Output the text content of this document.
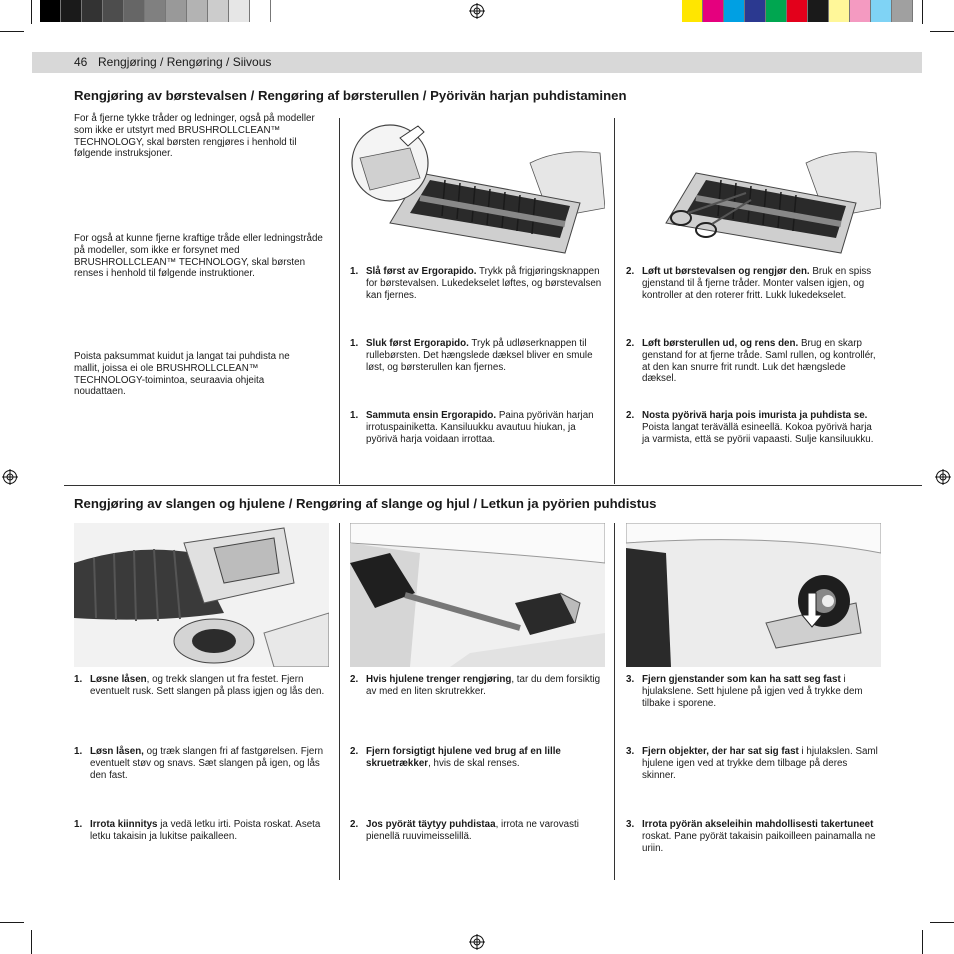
46 Rengjøring / Rengøring / Siivous
Rengjøring av børstevalsen / Rengøring af børsterullen / Pyörivän harjan puhdistaminen
For å fjerne tykke tråder og ledninger, også på modeller som ikke er utstyrt med BRUSHROLLCLEAN™ TECHNOLOGY, skal børsten rengjøres i henhold til følgende instruksjoner.
For også at kunne fjerne kraftige tråde eller ledningstråde på modeller, som ikke er forsynet med BRUSHROLLCLEAN™ TECHNOLOGY, skal børsten renses i henhold til følgende instruktioner.
Poista paksummat kuidut ja langat tai puhdista ne mallit, joissa ei ole BRUSHROLLCLEAN™ TECHNOLOGY-toimintoa, seuraavia ohjeita noudattaen.
1. Slå først av Ergorapido. Trykk på frigjøringsknappen for børstevalsen. Lukedekselet løftes, og børstevalsen kan fjernes.
1. Sluk først Ergorapido. Tryk på udløserknappen til rullebørsten. Det hængslede dæksel bliver en smule løst, og børsterullen kan fjernes.
1. Sammuta ensin Ergorapido. Paina pyörivän harjan irrotuspainiketta. Kansiluukku avautuu hiukan, ja pyörivä harja voidaan irrottaa.
2. Løft ut børstevalsen og rengjør den. Bruk en spiss gjenstand til å fjerne tråder. Monter valsen igjen, og kontroller at den roterer fritt. Lukk lukedekselet.
2. Løft børsterullen ud, og rens den. Brug en skarp genstand for at fjerne tråde. Saml rullen, og kontrollér, at den kan snurre frit rundt. Luk det hængslede dæksel.
2. Nosta pyörivä harja pois imurista ja puhdista se. Poista langat terävällä esineellä. Kokoa pyörivä harja ja varmista, että se pyörii vapaasti. Sulje kansiluukku.
Rengjøring av slangen og hjulene / Rengøring af slange og hjul / Letkun ja pyörien puhdistus
1. Løsne låsen, og trekk slangen ut fra festet. Fjern eventuelt rusk. Sett slangen på plass igjen og lås den.
1. Løsn låsen, og træk slangen fri af fastgørelsen. Fjern eventuelt støv og snavs. Sæt slangen på igen, og lås den fast.
1. Irrota kiinnitys ja vedä letku irti. Poista roskat. Aseta letku takaisin ja lukitse paikalleen.
2. Hvis hjulene trenger rengjøring, tar du dem forsiktig av med en liten skrutrekker.
2. Fjern forsigtigt hjulene ved brug af en lille skruetrækker, hvis de skal renses.
2. Jos pyörät täytyy puhdistaa, irrota ne varovasti pienellä ruuvimeisselillä.
3. Fjern gjenstander som kan ha satt seg fast i hjulakslene. Sett hjulene på igjen ved å trykke dem tilbake i sporene.
3. Fjern objekter, der har sat sig fast i hjulakslen. Saml hjulene igen ved at trykke dem tilbage på deres skinner.
3. Irrota pyörän akseleihin mahdollisesti takertuneet roskat. Pane pyörät takaisin paikoilleen painamalla ne uriin.
